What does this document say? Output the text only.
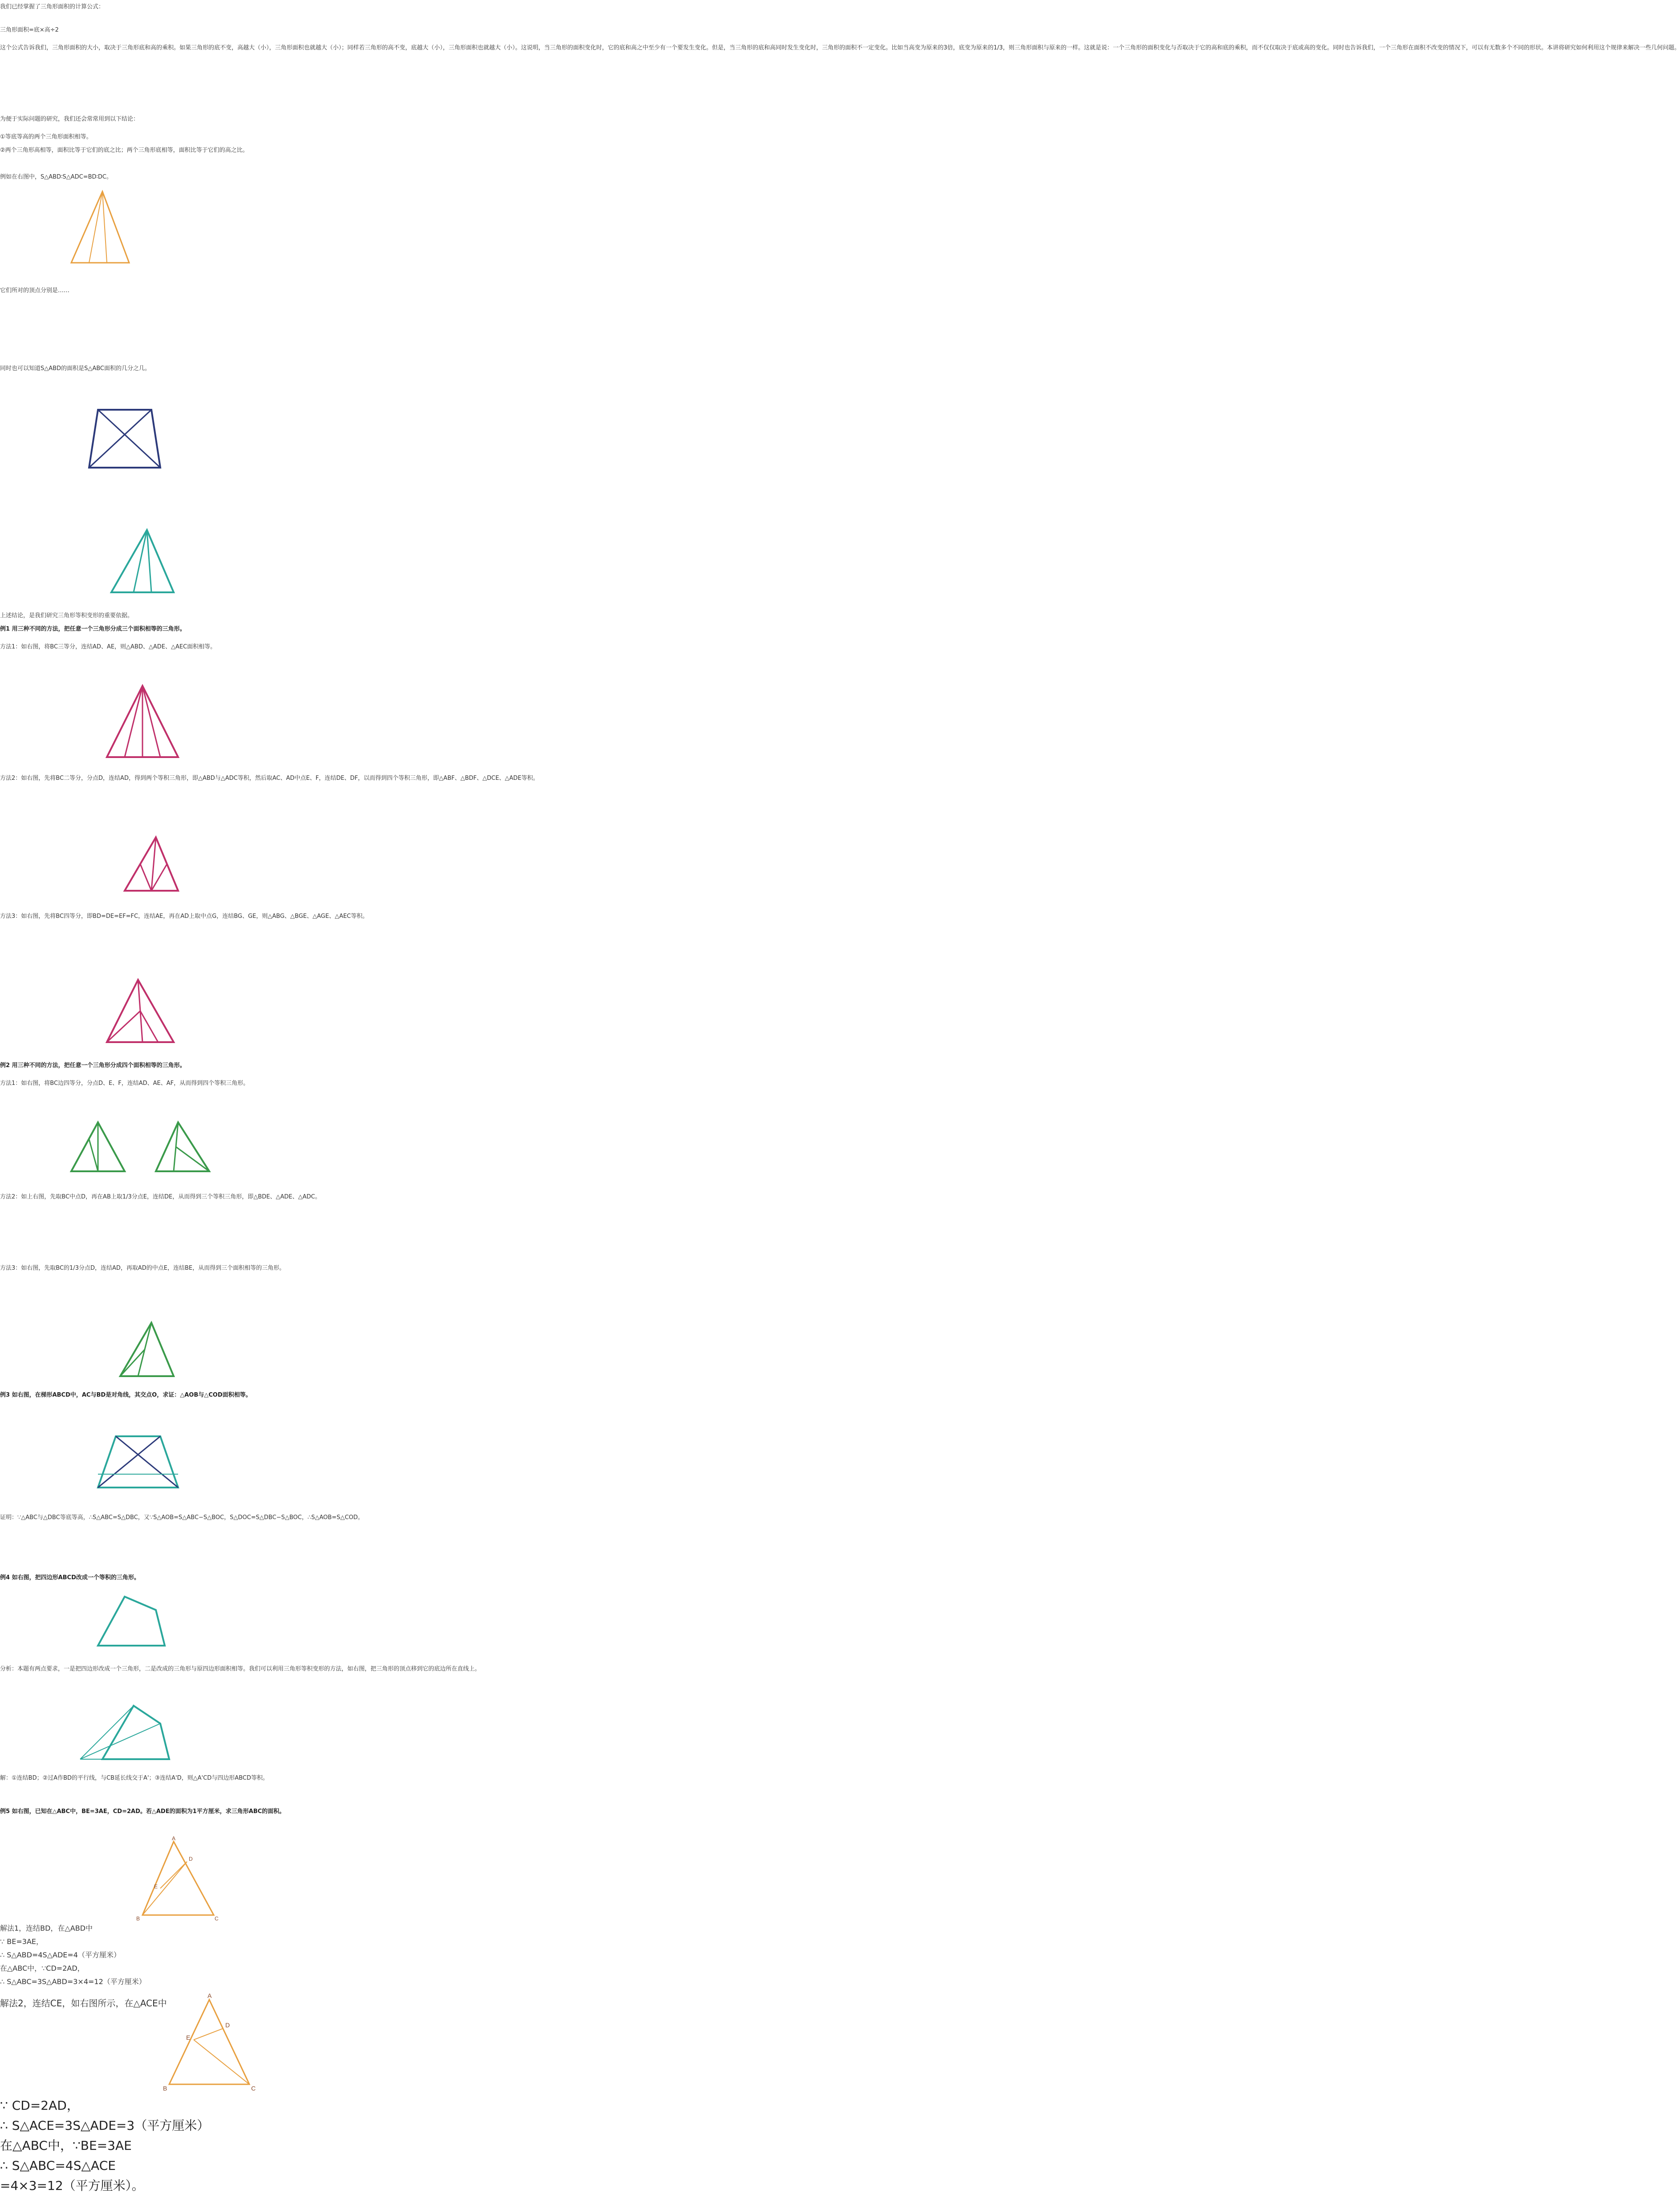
我们已经掌握了三角形面积的计算公式：
三角形面积=底×高÷2
这个公式告诉我们，三角形面积的大小，取决于三角形底和高的乘积。如果三角形的底不变，高越大（小），三角形面积也就越大（小）；同样若三角形的高不变，底越大（小），三角形面积也就越大（小）。这说明，当三角形的面积变化时，它的底和高之中至少有一个要发生变化。但是，当三角形的底和高同时发生变化时，三角形的面积不一定变化。比如当高变为原来的3倍，底变为原来的1/3，则三角形面积与原来的一样。这就是说：一个三角形的面积变化与否取决于它的高和底的乘积，而不仅仅取决于底或高的变化。同时也告诉我们，一个三角形在面积不改变的情况下，可以有无数多个不同的形状。本讲将研究如何利用这个规律来解决一些几何问题。
为便于实际问题的研究，我们还会常常用到以下结论：
①等底等高的两个三角形面积相等。
②两个三角形高相等，面积比等于它们的底之比；两个三角形底相等，面积比等于它们的高之比。
例如在右图中，S△ABD∶S△ADC=BD∶DC。
它们所对的顶点分别是……
同时也可以知道S△ABD的面积是S△ABC面积的几分之几。
上述结论，是我们研究三角形等积变形的重要依据。
例1 用三种不同的方法，把任意一个三角形分成三个面积相等的三角形。
方法1：如右图，将BC三等分，连结AD、AE，则△ABD、△ADE、△AEC面积相等。
方法2：如右图，先将BC二等分，分点D，连结AD，得到两个等积三角形，即△ABD与△ADC等积，然后取AC、AD中点E、F，连结DE、DF，以而得到四个等积三角形，即△ABF、△BDF、△DCE、△ADE等积。
方法3：如右图，先将BC四等分，即BD=DE=EF=FC，连结AE，再在AD上取中点G，连结BG、GE，则△ABG、△BGE、△AGE、△AEC等积。
例2 用三种不同的方法，把任意一个三角形分成四个面积相等的三角形。
方法1：如右图，将BC边四等分，分点D、E、F，连结AD、AE、AF，从而得到四个等积三角形。
方法2：如上右图，先取BC中点D，再在AB上取1/3分点E，连结DE，从而得到三个等积三角形，即△BDE、△ADE、△ADC。
方法3：如右图，先取BC的1/3分点D，连结AD，再取AD的中点E，连结BE，从而得到三个面积相等的三角形。
例3 如右图，在梯形ABCD中，AC与BD是对角线，其交点O，求证：△AOB与△COD面积相等。
证明：∵△ABC与△DBC等底等高，∴S△ABC=S△DBC，又∵S△AOB=S△ABC−S△BOC，S△DOC=S△DBC−S△BOC，∴S△AOB=S△COD。
例4 如右图，把四边形ABCD改成一个等积的三角形。
分析：本题有两点要求，一是把四边形改成一个三角形，二是改成的三角形与原四边形面积相等。我们可以利用三角形等积变形的方法，如右图，把三角形的顶点移到它的底边所在直线上。
解：①连结BD；②过A作BD的平行线，与CB延长线交于A'；③连结A'D，则△A'CD与四边形ABCD等积。
例5 如右图，已知在△ABC中，BE=3AE，CD=2AD。若△ADE的面积为1平方厘米，求三角形ABC的面积。
A
B	C
D
E
解法1，连结BD，在△ABD中
∵ BE=3AE，
∴ S△ABD=4S△ADE=4（平方厘米）
在△ABC中，∵CD=2AD，
∴ S△ABC=3S△ABD=3×4=12（平方厘米）
解法2，连结CE，如右图所示，在△ACE中
A
B	C
D
E
∵ CD=2AD，
∴ S△ACE=3S△ADE=3（平方厘米）
在△ABC中，∵BE=3AE
∴ S△ABC=4S△ACE
=4×3=12（平方厘米）。
